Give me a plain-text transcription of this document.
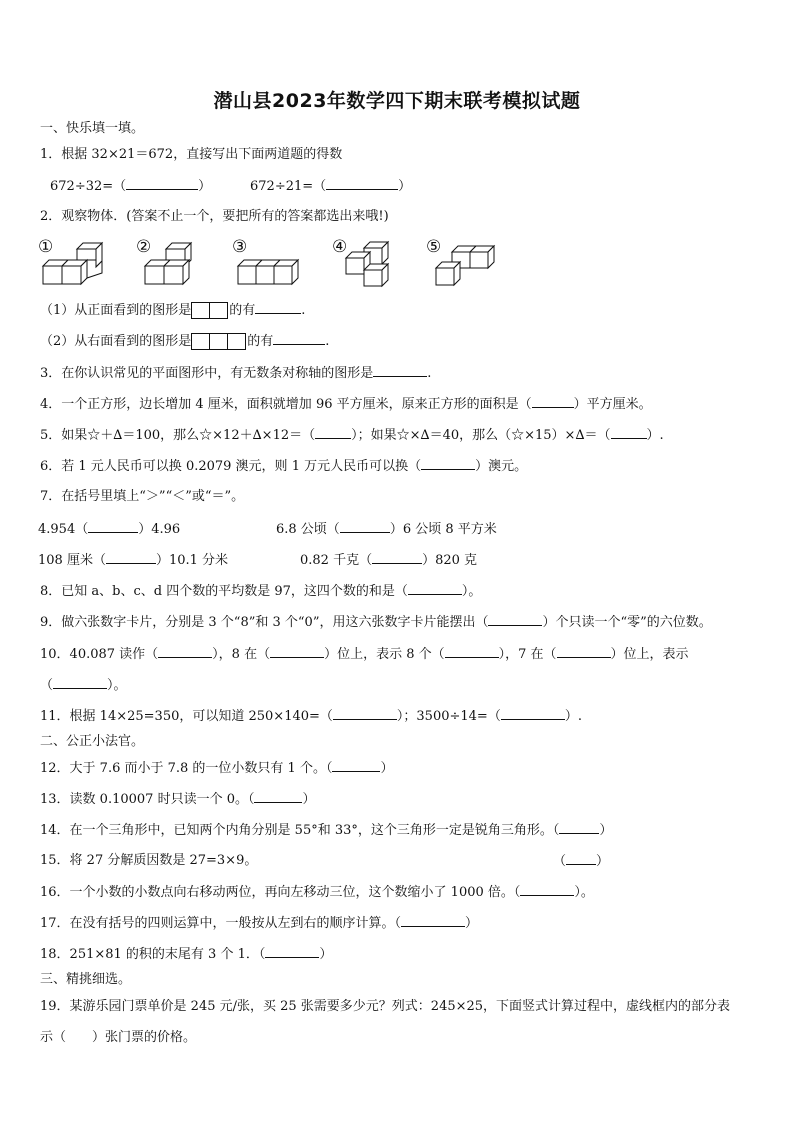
潜山县2023年数学四下期末联考模拟试题
一、快乐填一填。
1．根据 32×21＝672，直接写出下面两道题的得数
672÷32=（	）	672÷21=（	）
2．观察物体．(答案不止一个，要把所有的答案都选出来哦!)
①	②	③	④	⑤
（1）从正面看到的图形是	的有	.
（2）从右面看到的图形是	的有	.
3．在你认识常见的平面图形中，有无数条对称轴的图形是	.
4．一个正方形，边长增加 4 厘米，面积就增加 96 平方厘米，原来正方形的面积是（	）平方厘米。
5．如果☆＋∆＝100，那么☆×12＋∆×12＝（	）；如果☆×∆＝40，那么（☆×15）×∆＝（	）.
6．若 1 元人民币可以换 0.2079 澳元，则 1 万元人民币可以换（	）澳元。
7．在括号里填上“＞”“＜”或“＝”。
4.954（	）4.96	6.8 公顷（	）6 公顷 8 平方米
108 厘米（	）10.1 分米	0.82 千克（	）820 克
8．已知 a、b、c、d 四个数的平均数是 97，这四个数的和是（	）。
9．做六张数字卡片，分别是 3 个“8”和 3 个“0”，用这六张数字卡片能摆出（	）个只读一个“零”的六位数。
10．40.087 读作（	），8 在（	）位上，表示 8 个（	），7 在（	）位上，表示
（	）。
11．根据 14×25=350，可以知道 250×140=（	）；3500÷14=（	）.
二、公正小法官。
12．大于 7.6 而小于 7.8 的一位小数只有 1 个。（	）
13．读数 0.10007 时只读一个 0。（	）
14．在一个三角形中，已知两个内角分别是 55°和 33°，这个三角形一定是锐角三角形。（	）
15．将 27 分解质因数是 27=3×9。	（ ）
16．一个小数的小数点向右移动两位，再向左移动三位，这个数缩小了 1000 倍。（	）。
17．在没有括号的四则运算中，一般按从左到右的顺序计算。（	）
18．251×81 的积的末尾有 3 个 1．（	）
三、精挑细选。
19．某游乐园门票单价是 245 元/张，买 25 张需要多少元？列式：245×25，下面竖式计算过程中，虚线框内的部分表
示（　　）张门票的价格。
